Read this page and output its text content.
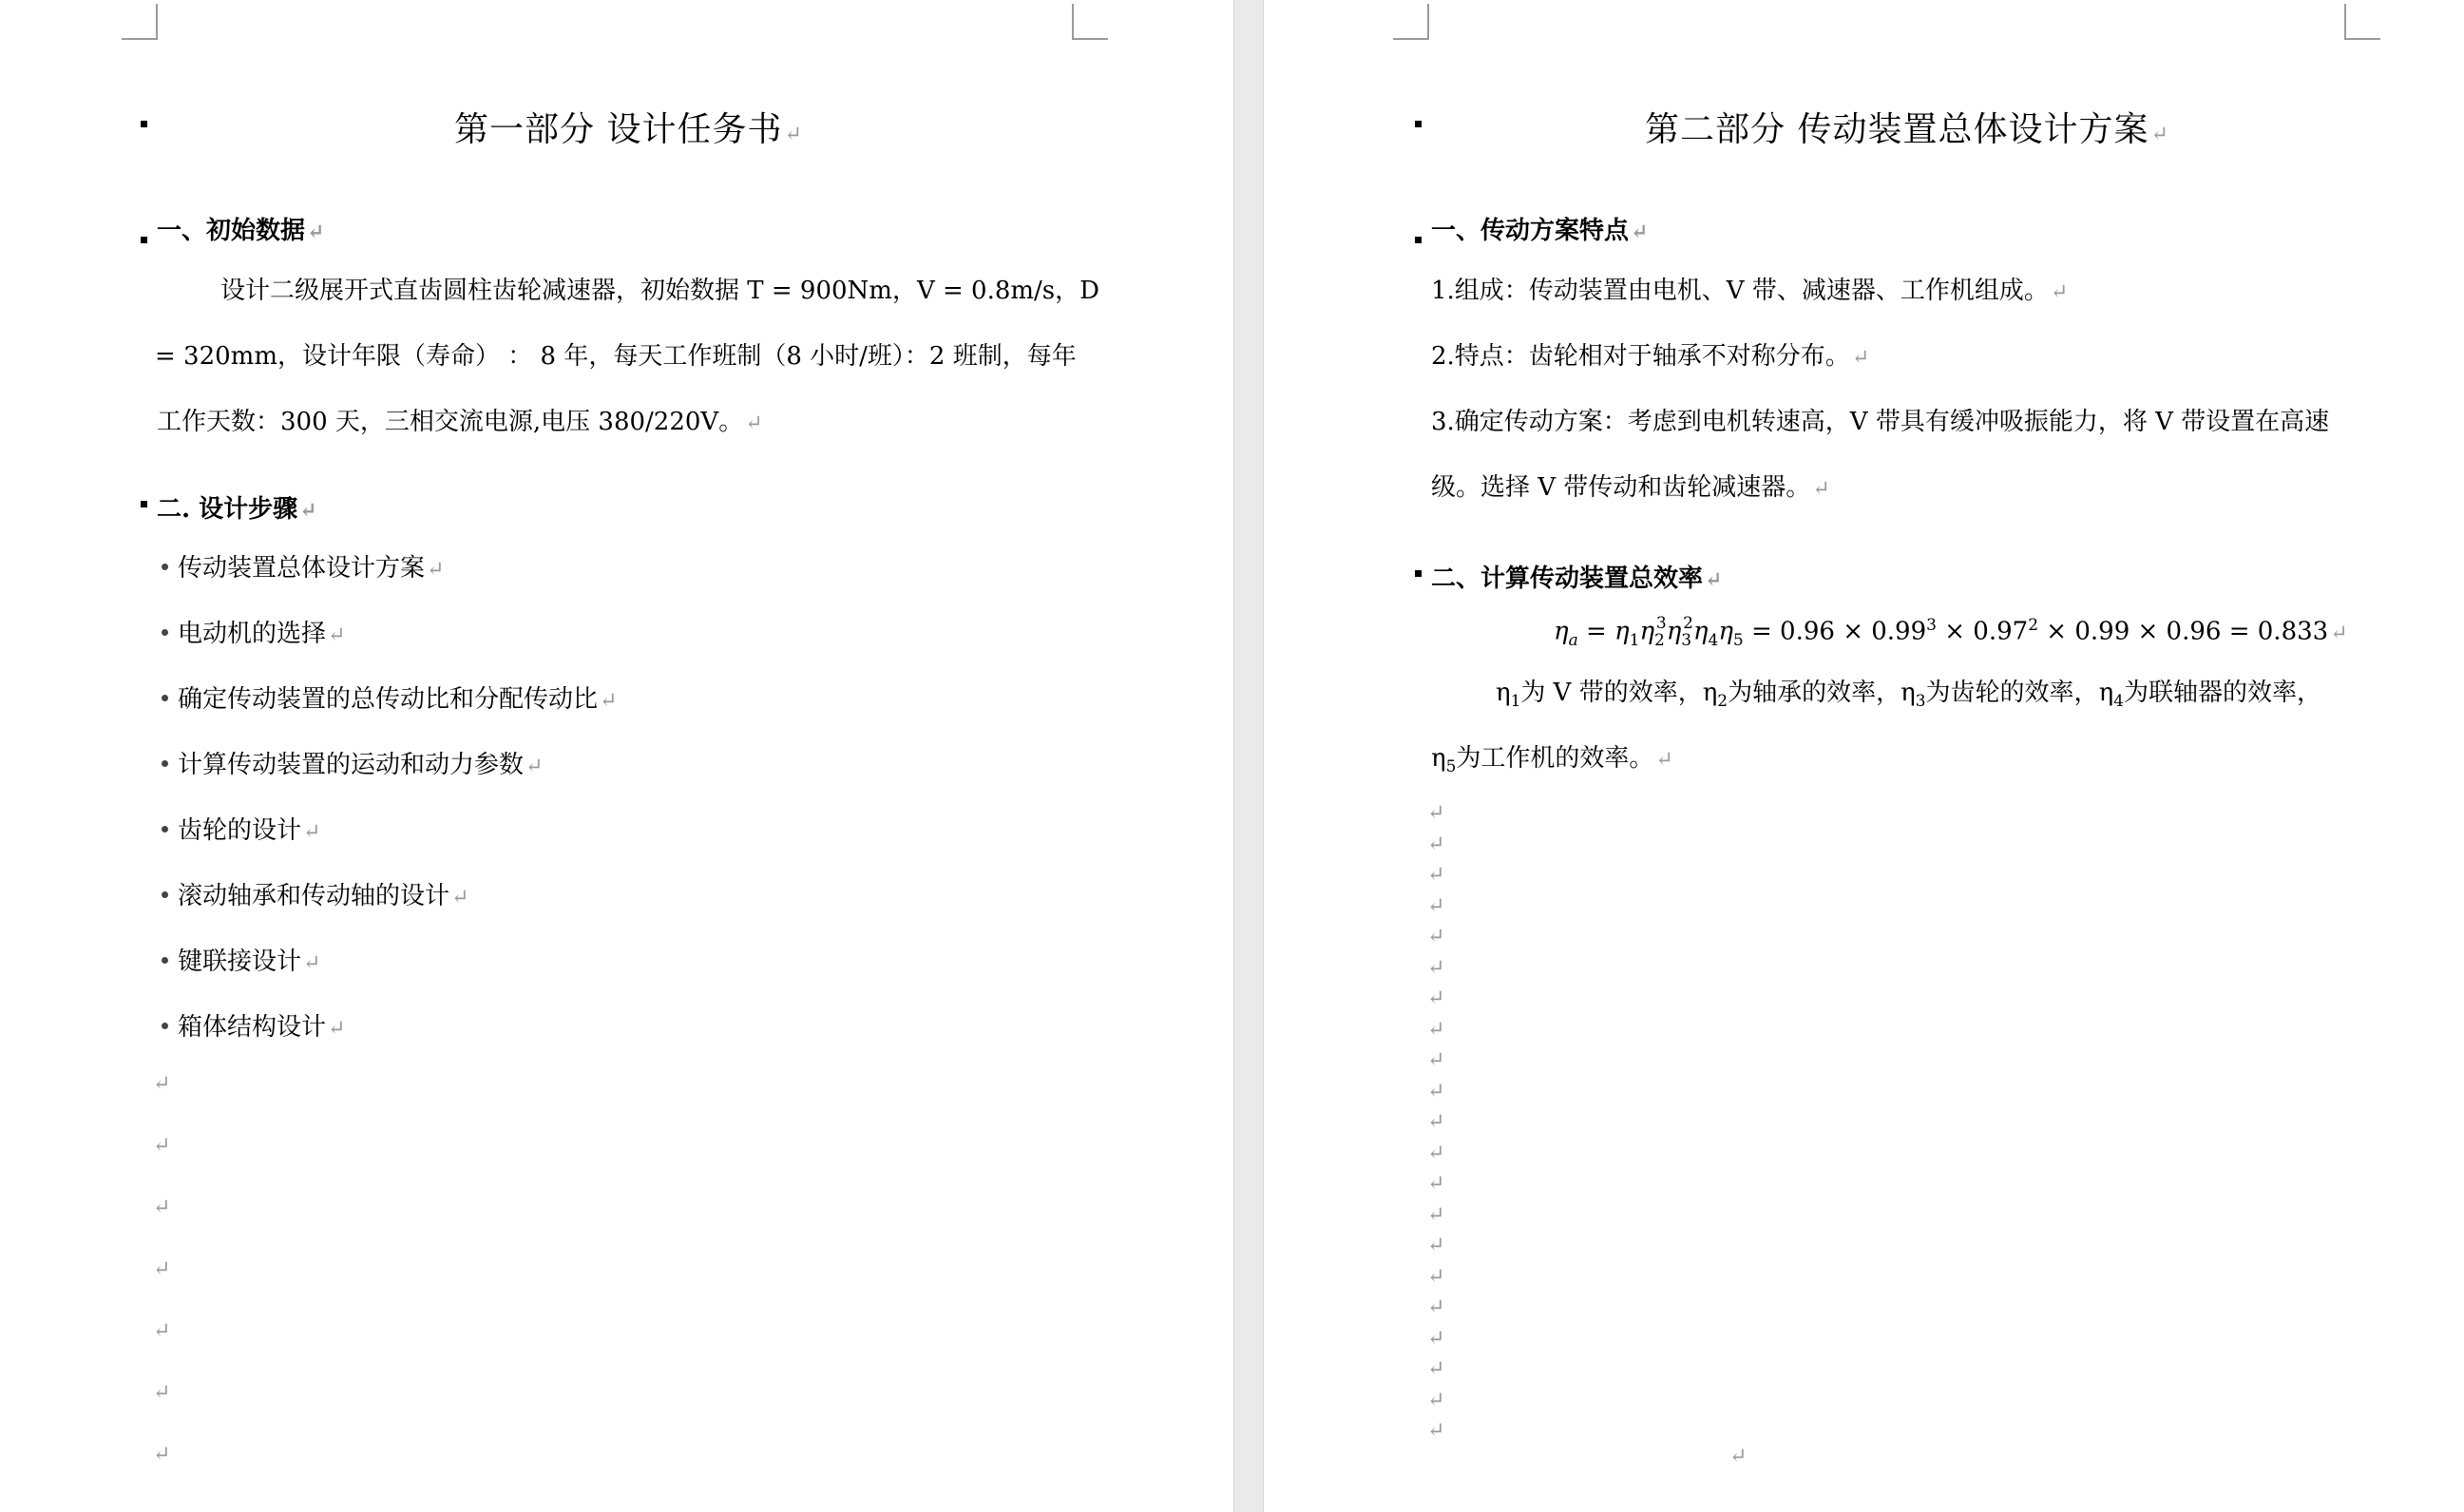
第一部分 设计任务书↵
一、初始数据↵
设计二级展开式直齿圆柱齿轮减速器，初始数据 T = 900Nm，V = 0.8m/s，D
= 320mm，设计年限（寿命） ： 8 年，每天工作班制（8 小时/班）：2 班制，每年
工作天数：300 天，三相交流电源,电压 380/220V。↵
二. 设计步骤↵
传动装置总体设计方案↵
电动机的选择↵
确定传动装置的总传动比和分配传动比↵
计算传动装置的运动和动力参数↵
齿轮的设计↵
滚动轴承和传动轴的设计↵
键联接设计↵
箱体结构设计↵
↵
↵
↵
↵
↵
↵
↵
第二部分 传动装置总体设计方案↵
一、传动方案特点↵
1.组成：传动装置由电机、V 带、减速器、工作机组成。↵
2.特点：齿轮相对于轴承不对称分布。↵
3.确定传动方案：考虑到电机转速高，V 带具有缓冲吸振能力，将 V 带设置在高速
级。选择 V 带传动和齿轮减速器。↵
二、计算传动装置总效率↵
$\eta_a = \eta_1\eta_2^3\eta_3^2\eta_4\eta_5 = 0.96 \times 0.99^3 \times 0.97^2 \times 0.99 \times 0.96$ = 0.833↵
$\eta_1$为 V 带的效率，$\eta_2$为轴承的效率，$\eta_3$为齿轮的效率，$\eta_4$为联轴器的效率，
$\eta_5$为工作机的效率。↵
↵
↵
↵
↵
↵
↵
↵
↵
↵
↵
↵
↵
↵
↵
↵
↵
↵
↵
↵
↵
↵
↵
